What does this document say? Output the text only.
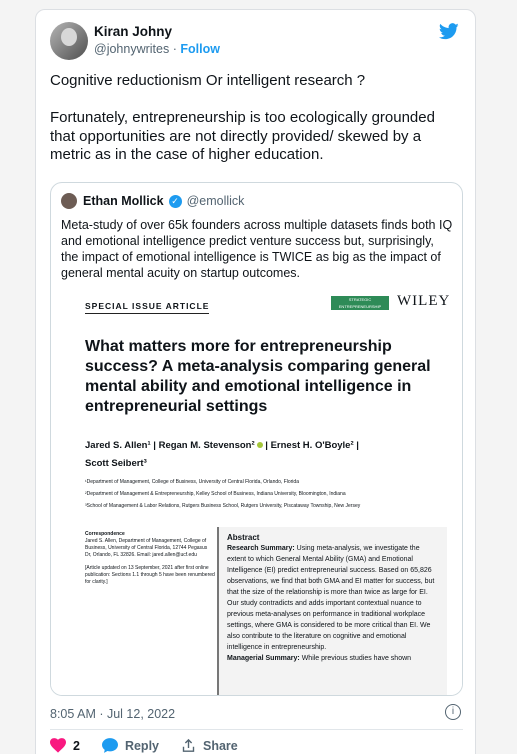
Kiran Johny
@johnywrites · Follow
Cognitive reductionism Or intelligent research ?

Fortunately, entrepreneurship is too ecologically grounded that opportunities are not directly provided/ skewed by a metric as in the case of higher education.
Ethan Mollick ✓ @emollick
Meta-study of over 65k founders across multiple datasets finds both IQ and emotional intelligence predict venture success but, surprisingly, the impact of emotional intelligence is TWICE as big as the impact of general mental acuity on startup outcomes.
SPECIAL ISSUE ARTICLE
STRATEGIC ENTREPRENEURSHIP JOURNAL
WILEY
What matters more for entrepreneurship success? A meta-analysis comparing general mental ability and emotional intelligence in entrepreneurial settings
Jared S. Allen¹ | Regan M. Stevenson² | Ernest H. O'Boyle² |
Scott Seibert³
¹Department of Management, College of Business, University of Central Florida, Orlando, Florida
²Department of Management & Entrepreneurship, Kelley School of Business, Indiana University, Bloomington, Indiana
³School of Management & Labor Relations, Rutgers Business School, Rutgers University, Piscataway Township, New Jersey
Correspondence
Jared S. Allen, Department of Management, College of Business, University of Central Florida, 12744 Pegasus Dr, Orlando, FL 32826. Email: jared.allen@ucf.edu
[Article updated on 13 September, 2021 after first online publication: Sections 1.1 through 5 have been renumbered for clarity.]
Abstract
Research Summary: Using meta-analysis, we investigate the extent to which General Mental Ability (GMA) and Emotional Intelligence (EI) predict entrepreneurial success. Based on 65,826 observations, we find that both GMA and EI matter for success, but that the size of the relationship is more than twice as large for EI. Our study contradicts and adds important contextual nuance to previous meta-analyses on performance in traditional workplace settings, where GMA is considered to be more critical than EI. We also contribute to the literature on cognitive and emotional intelligence in entrepreneurship.
Managerial Summary: While previous studies have shown
8:05 AM · Jul 12, 2022	i
2	Reply	Share
